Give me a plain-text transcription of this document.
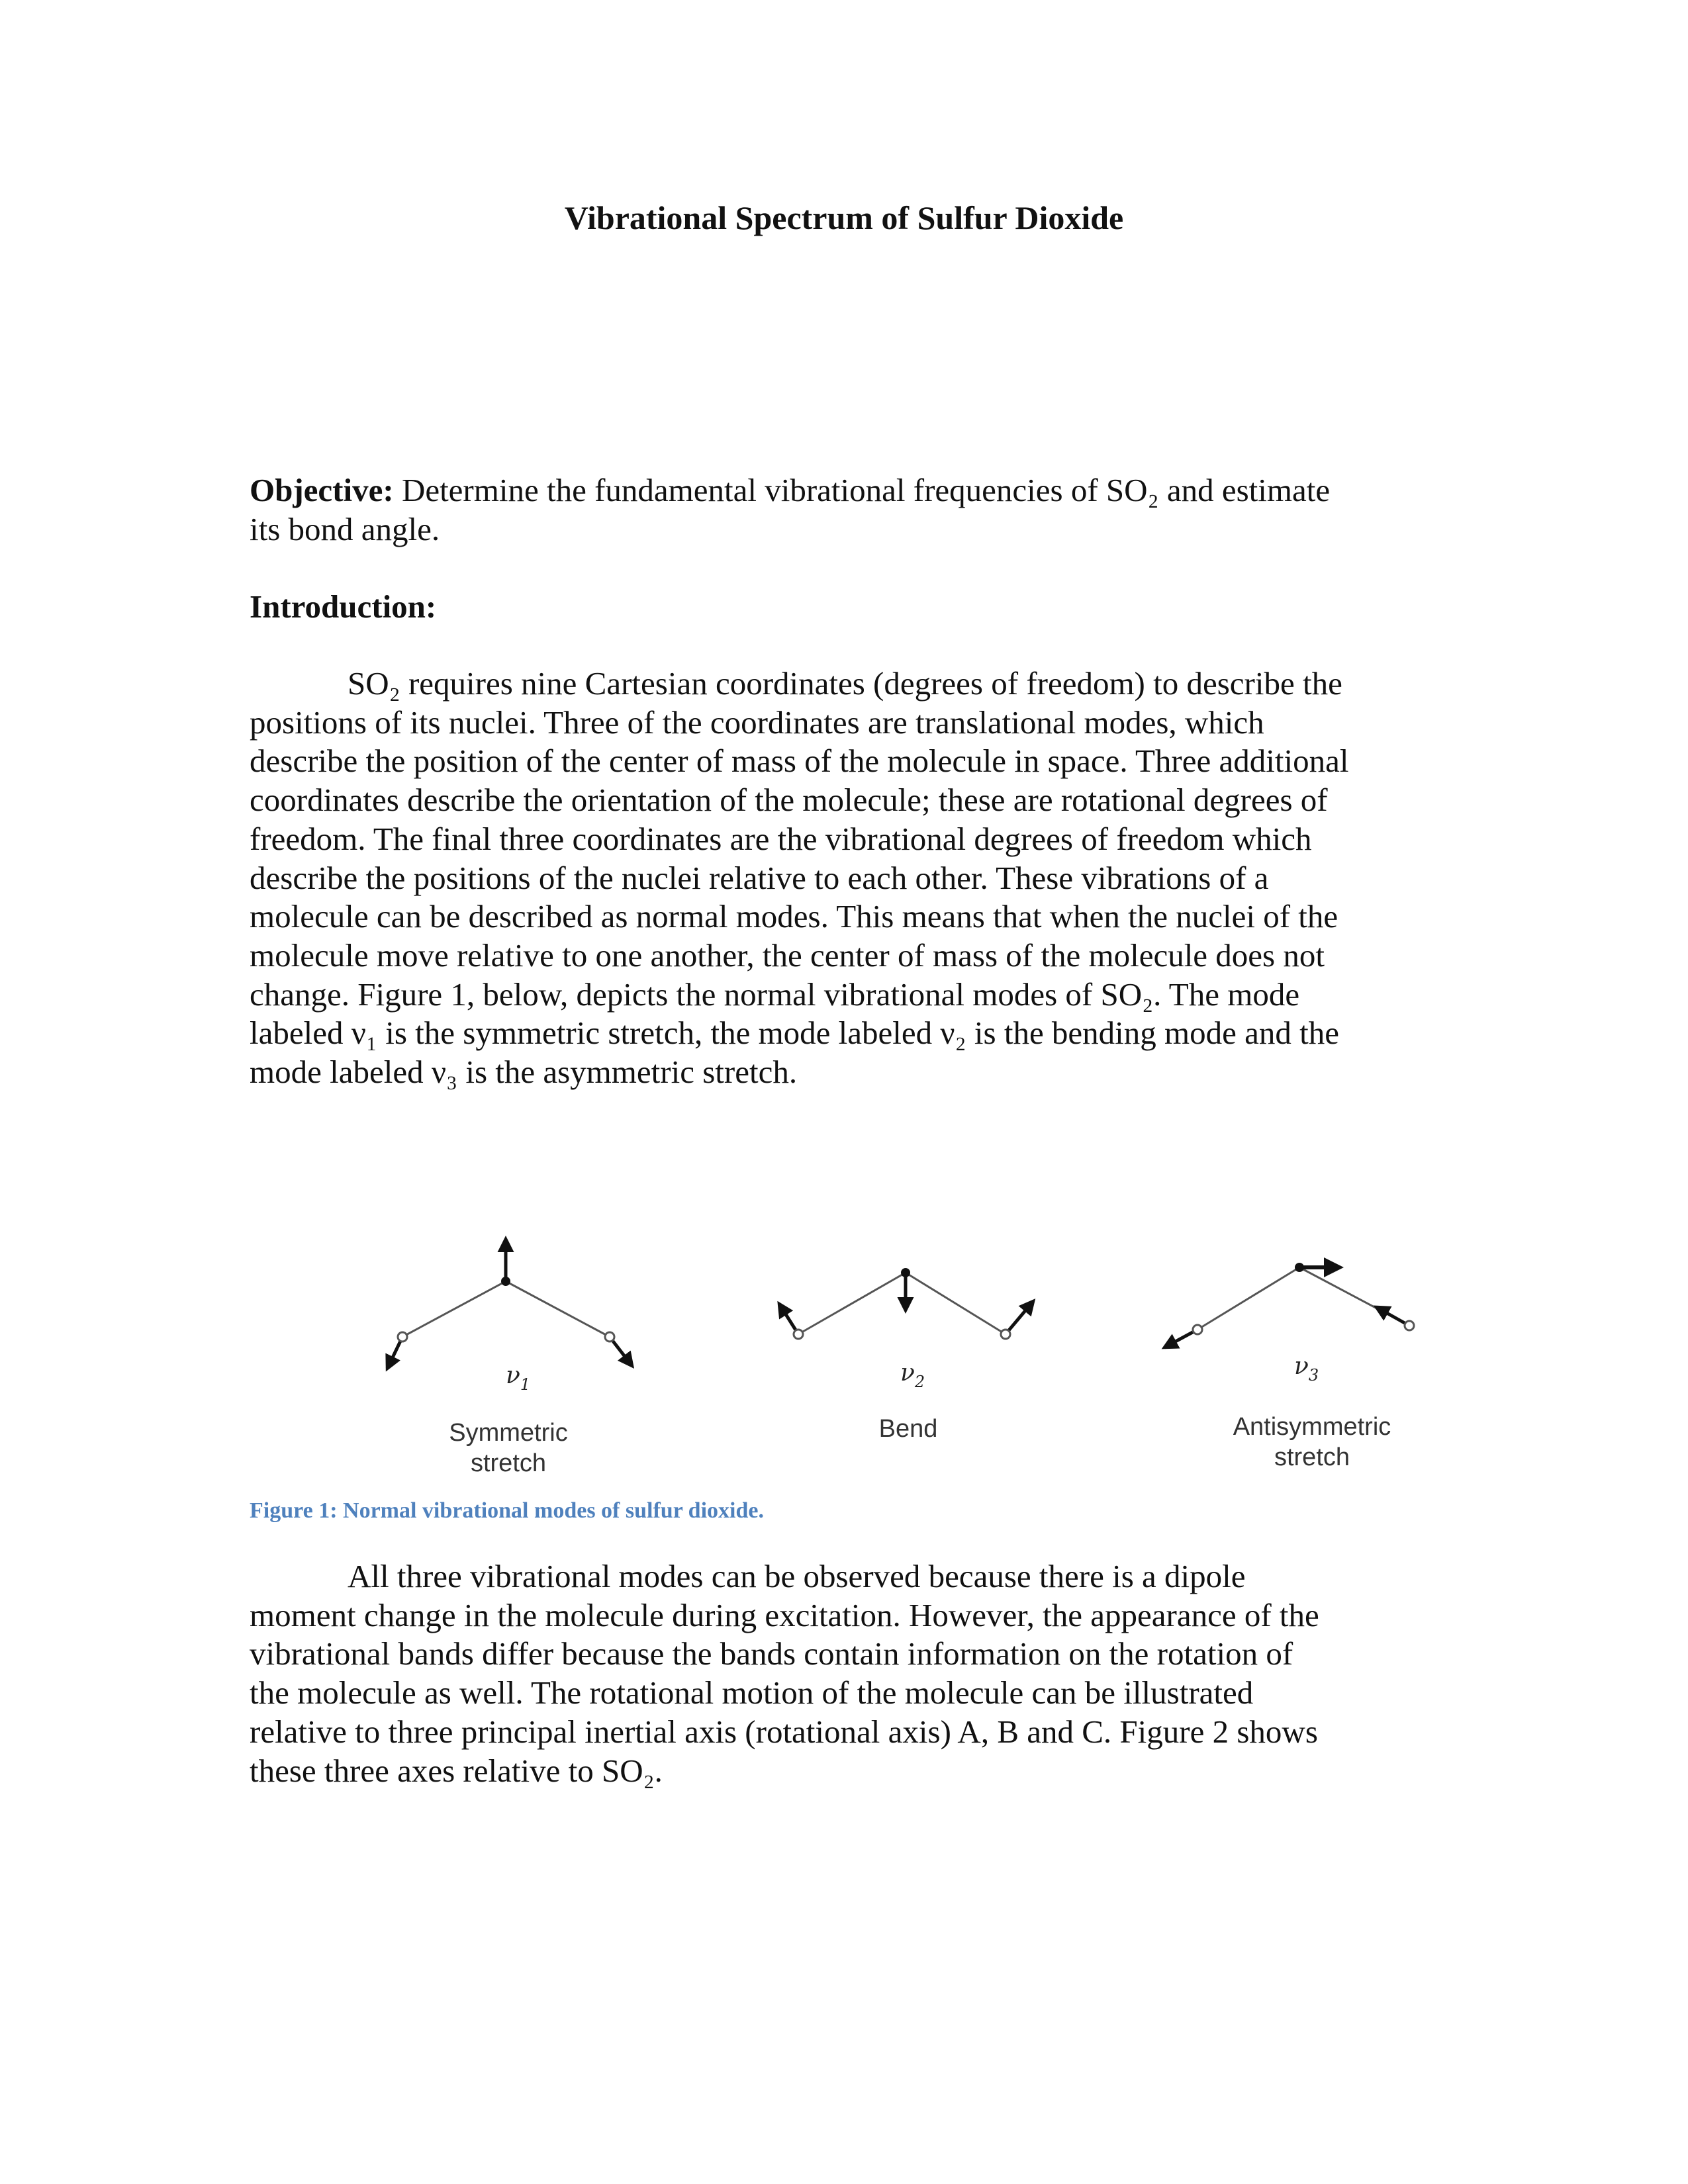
Vibrational Spectrum of Sulfur Dioxide
Objective: Determine the fundamental vibrational frequencies of SO₂ and estimate
its bond angle.
Introduction:
SO₂ requires nine Cartesian coordinates (degrees of freedom) to describe the
positions of its nuclei. Three of the coordinates are translational modes, which
describe the position of the center of mass of the molecule in space. Three additional
coordinates describe the orientation of the molecule; these are rotational degrees of
freedom. The final three coordinates are the vibrational degrees of freedom which
describe the positions of the nuclei relative to each other. These vibrations of a
molecule can be described as normal modes. This means that when the nuclei of the
molecule move relative to one another, the center of mass of the molecule does not
change. Figure 1, below, depicts the normal vibrational modes of SO₂. The mode
labeled ν₁ is the symmetric stretch, the mode labeled ν₂ is the bending mode and the
mode labeled ν₃ is the asymmetric stretch.
$\nu_1$	$\nu_2$
$\nu_3$
Symmetric
stretch
Bend	Antisymmetric
stretch
Figure 1: Normal vibrational modes of sulfur dioxide.
All three vibrational modes can be observed because there is a dipole
moment change in the molecule during excitation. However, the appearance of the
vibrational bands differ because the bands contain information on the rotation of
the molecule as well. The rotational motion of the molecule can be illustrated
relative to three principal inertial axis (rotational axis) A, B and C. Figure 2 shows
these three axes relative to SO₂.
